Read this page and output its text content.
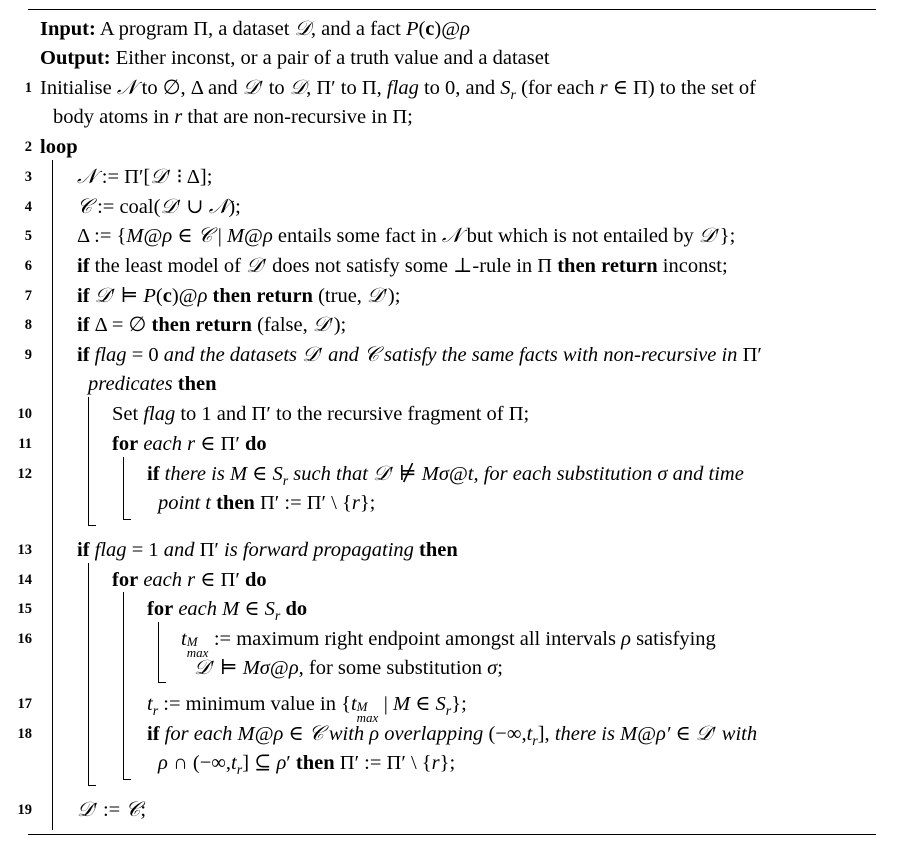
Input: A program Π, a dataset 𝒟, and a fact P(c)@ρ
Output: Either inconst, or a pair of a truth value and a dataset
1 Initialise 𝒩 to ∅, Δ and 𝒟′ to 𝒟, Π′ to Π, flag to 0, and $S_r$ (for each r ∈ Π) to the set of
body atoms in r that are non-recursive in Π;
2 loop
3 𝒩 := Π′[𝒟′ ⁝ Δ];
4 𝒞 := coal(𝒟′ ∪ 𝒩);
5 Δ := {M@ρ ∈ 𝒞 | M@ρ entails some fact in 𝒩 but which is not entailed by 𝒟′};
6 if the least model of 𝒟′ does not satisfy some ⊥-rule in Π then return inconst;
7 if 𝒟′ ⊨ P(c)@ρ then return (true, 𝒟′);
8 if Δ = ∅ then return (false, 𝒟′);
9 if flag = 0 and the datasets 𝒟′ and 𝒞 satisfy the same facts with non-recursive in Π′
predicates then
10	Set flag to 1 and Π′ to the recursive fragment of Π;
11	for each r ∈ Π′ do
12	if there is M ∈ $S_r$ such that 𝒟′ ⊭ Mσ@t, for each substitution σ and time
point t then Π′ := Π′ \ {r};
13 if flag = 1 and Π′ is forward propagating then
14	for each r ∈ Π′ do
15	for each M ∈ $S_r$ do
16	t M
max
:= maximum right endpoint amongst all intervals ρ satisfying
𝒟′ ⊨ Mσ@ρ, for some substitution σ;
17	$t_r$ := minimum value in {t M
max
| M ∈ $S_r$};
18	if for each M@ρ ∈ 𝒞 with ρ overlapping $(-\infty,t_r]$, there is M@ρ′ ∈ 𝒟′ with
ρ ∩ $(-\infty,t_r]$ ⊆ ρ′ then Π′ := Π′ \ {r};
19 𝒟′ := 𝒞;
